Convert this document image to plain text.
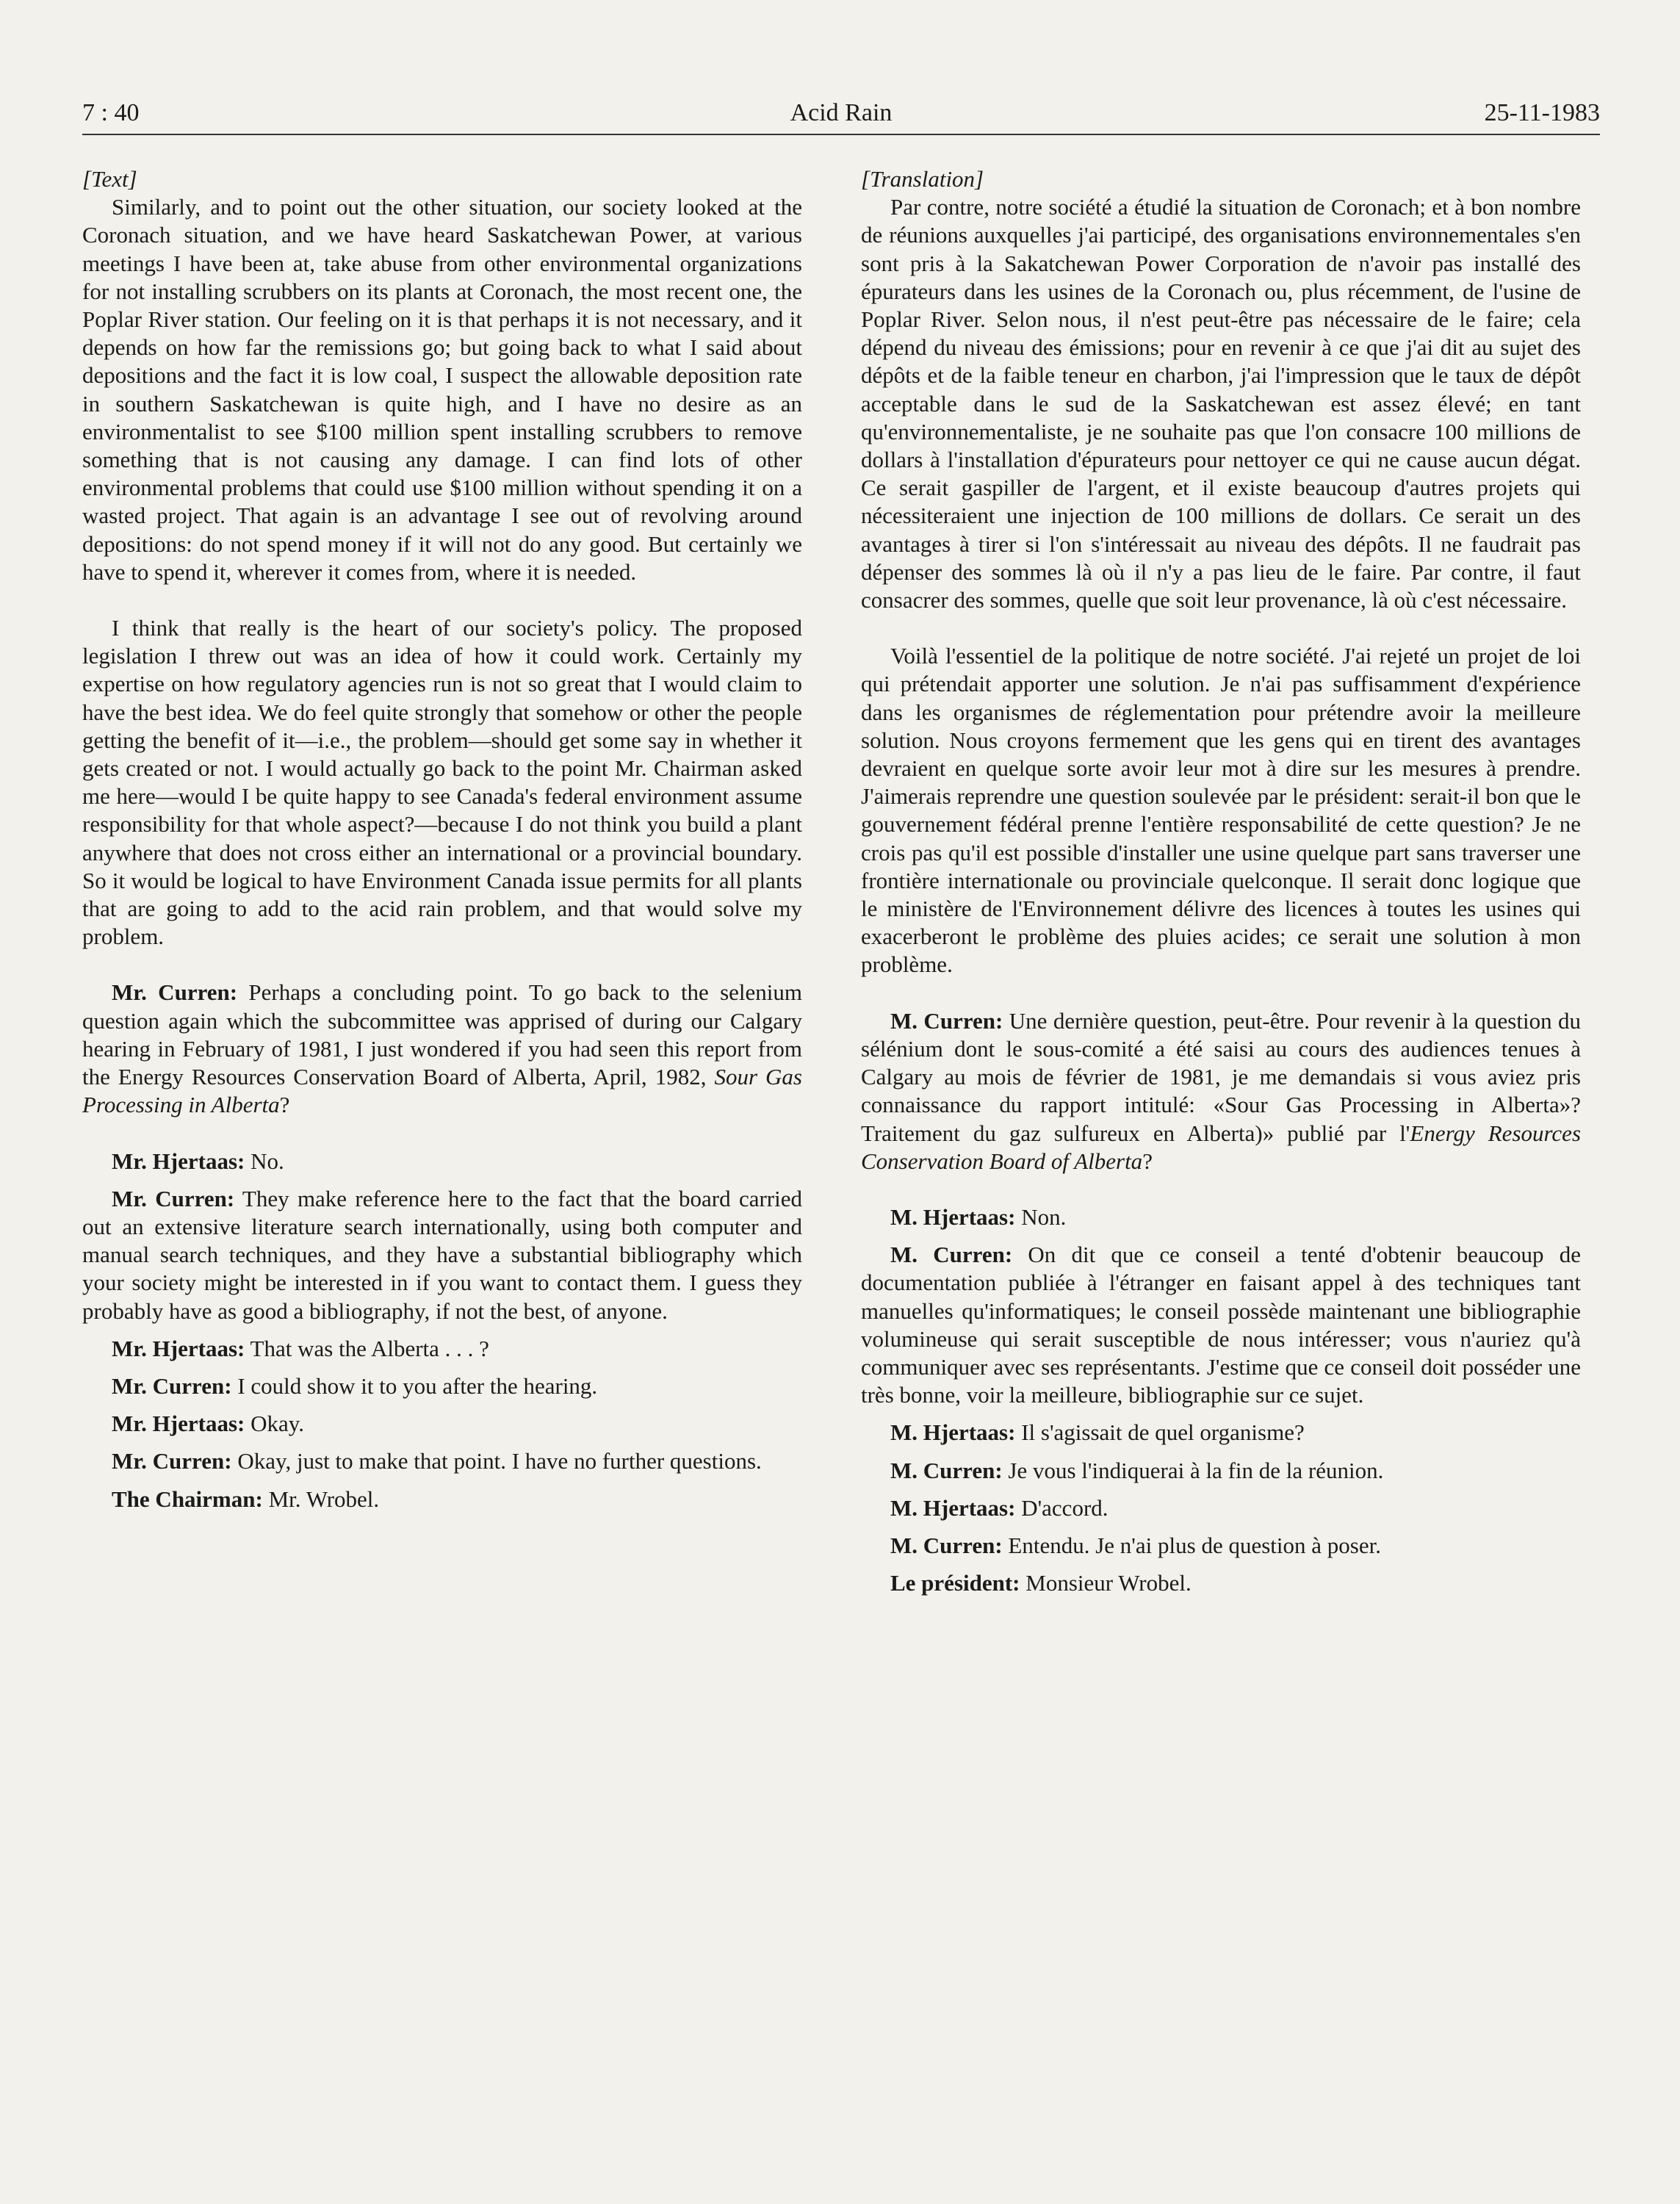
7 : 40	Acid Rain	25-11-1983

[Text]

Similarly, and to point out the other situation, our society looked at the Coronach situation, and we have heard Saskatchewan Power, at various meetings I have been at, take abuse from other environmental organizations for not installing scrubbers on its plants at Coronach, the most recent one, the Poplar River station. Our feeling on it is that perhaps it is not necessary, and it depends on how far the remissions go; but going back to what I said about depositions and the fact it is low coal, I suspect the allowable deposition rate in southern Saskatchewan is quite high, and I have no desire as an environmentalist to see $100 million spent installing scrubbers to remove something that is not causing any damage. I can find lots of other environmental problems that could use $100 million without spending it on a wasted project. That again is an advantage I see out of revolving around depositions: do not spend money if it will not do any good. But certainly we have to spend it, wherever it comes from, where it is needed.

I think that really is the heart of our society's policy. The proposed legislation I threw out was an idea of how it could work. Certainly my expertise on how regulatory agencies run is not so great that I would claim to have the best idea. We do feel quite strongly that somehow or other the people getting the benefit of it—i.e., the problem—should get some say in whether it gets created or not. I would actually go back to the point Mr. Chairman asked me here—would I be quite happy to see Canada's federal environment assume responsibility for that whole aspect?—because I do not think you build a plant anywhere that does not cross either an international or a provincial boundary. So it would be logical to have Environment Canada issue permits for all plants that are going to add to the acid rain problem, and that would solve my problem.

Mr. Curren: Perhaps a concluding point. To go back to the selenium question again which the subcommittee was apprised of during our Calgary hearing in February of 1981, I just wondered if you had seen this report from the Energy Resources Conservation Board of Alberta, April, 1982, Sour Gas Processing in Alberta?

Mr. Hjertaas: No.

Mr. Curren: They make reference here to the fact that the board carried out an extensive literature search internationally, using both computer and manual search techniques, and they have a substantial bibliography which your society might be interested in if you want to contact them. I guess they probably have as good a bibliography, if not the best, of anyone.

Mr. Hjertaas: That was the Alberta . . . ?

Mr. Curren: I could show it to you after the hearing.

Mr. Hjertaas: Okay.

Mr. Curren: Okay, just to make that point. I have no further questions.

The Chairman: Mr. Wrobel.

[Translation]

Par contre, notre société a étudié la situation de Coronach; et à bon nombre de réunions auxquelles j'ai participé, des organisations environnementales s'en sont pris à la Sakatchewan Power Corporation de n'avoir pas installé des épurateurs dans les usines de la Coronach ou, plus récemment, de l'usine de Poplar River. Selon nous, il n'est peut-être pas nécessaire de le faire; cela dépend du niveau des émissions; pour en revenir à ce que j'ai dit au sujet des dépôts et de la faible teneur en charbon, j'ai l'impression que le taux de dépôt acceptable dans le sud de la Saskatchewan est assez élevé; en tant qu'environnementaliste, je ne souhaite pas que l'on consacre 100 millions de dollars à l'installation d'épurateurs pour nettoyer ce qui ne cause aucun dégat. Ce serait gaspiller de l'argent, et il existe beaucoup d'autres projets qui nécessiteraient une injection de 100 millions de dollars. Ce serait un des avantages à tirer si l'on s'intéressait au niveau des dépôts. Il ne faudrait pas dépenser des sommes là où il n'y a pas lieu de le faire. Par contre, il faut consacrer des sommes, quelle que soit leur provenance, là où c'est nécessaire.

Voilà l'essentiel de la politique de notre société. J'ai rejeté un projet de loi qui prétendait apporter une solution. Je n'ai pas suffisamment d'expérience dans les organismes de réglementation pour prétendre avoir la meilleure solution. Nous croyons fermement que les gens qui en tirent des avantages devraient en quelque sorte avoir leur mot à dire sur les mesures à prendre. J'aimerais reprendre une question soulevée par le président: serait-il bon que le gouvernement fédéral prenne l'entière responsabilité de cette question? Je ne crois pas qu'il est possible d'installer une usine quelque part sans traverser une frontière internationale ou provinciale quelconque. Il serait donc logique que le ministère de l'Environnement délivre des licences à toutes les usines qui exacerberont le problème des pluies acides; ce serait une solution à mon problème.

M. Curren: Une dernière question, peut-être. Pour revenir à la question du sélénium dont le sous-comité a été saisi au cours des audiences tenues à Calgary au mois de février de 1981, je me demandais si vous aviez pris connaissance du rapport intitulé: «Sour Gas Processing in Alberta»? Traitement du gaz sulfureux en Alberta)» publié par l'Energy Resources Conservation Board of Alberta?

M. Hjertaas: Non.

M. Curren: On dit que ce conseil a tenté d'obtenir beaucoup de documentation publiée à l'étranger en faisant appel à des techniques tant manuelles qu'informatiques; le conseil possède maintenant une bibliographie volumineuse qui serait susceptible de nous intéresser; vous n'auriez qu'à communiquer avec ses représentants. J'estime que ce conseil doit posséder une très bonne, voir la meilleure, bibliographie sur ce sujet.

M. Hjertaas: Il s'agissait de quel organisme?

M. Curren: Je vous l'indiquerai à la fin de la réunion.

M. Hjertaas: D'accord.

M. Curren: Entendu. Je n'ai plus de question à poser.

Le président: Monsieur Wrobel.
